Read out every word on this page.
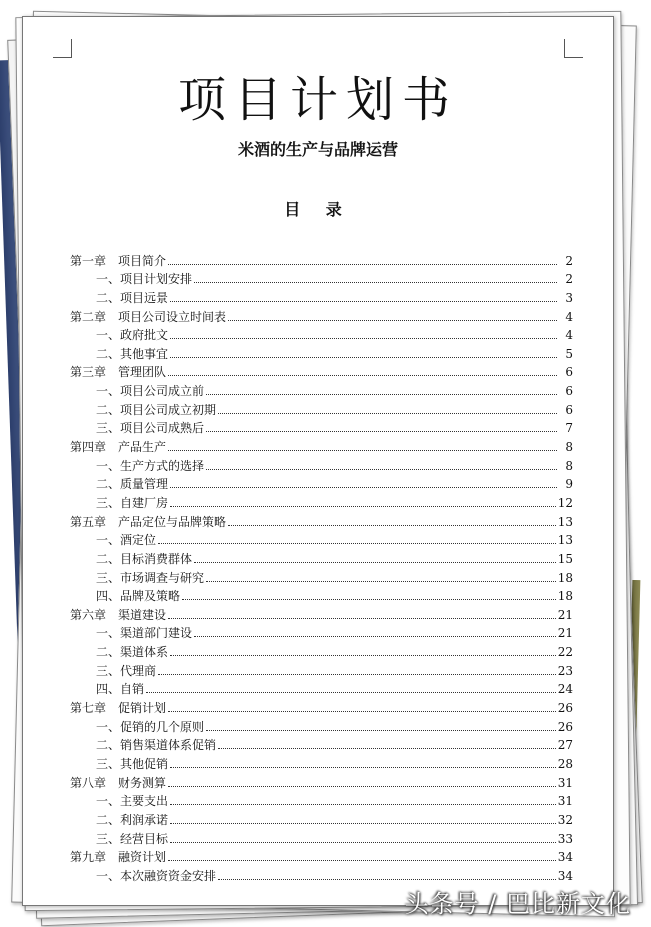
项目计划书
米酒的生产与品牌运营
目 录
第一章　项目简介	2
一、项目计划安排	2
二、项目远景	3
第二章　项目公司设立时间表	4
一、政府批文	4
二、其他事宜	5
第三章　管理团队	6
一、项目公司成立前	6
二、项目公司成立初期	6
三、项目公司成熟后	7
第四章　产品生产	8
一、生产方式的选择	8
二、质量管理	9
三、自建厂房	12
第五章　产品定位与品牌策略	13
一、酒定位	13
二、目标消费群体	15
三、市场调查与研究	18
四、品牌及策略	18
第六章　渠道建设	21
一、渠道部门建设	21
二、渠道体系	22
三、代理商	23
四、自销	24
第七章　促销计划	26
一、促销的几个原则	26
二、销售渠道体系促销	27
三、其他促销	28
第八章　财务测算	31
一、主要支出	31
二、利润承诺	32
三、经营目标	33
第九章　融资计划	34
一、本次融资资金安排	34
头条号 / 巴比新文化
